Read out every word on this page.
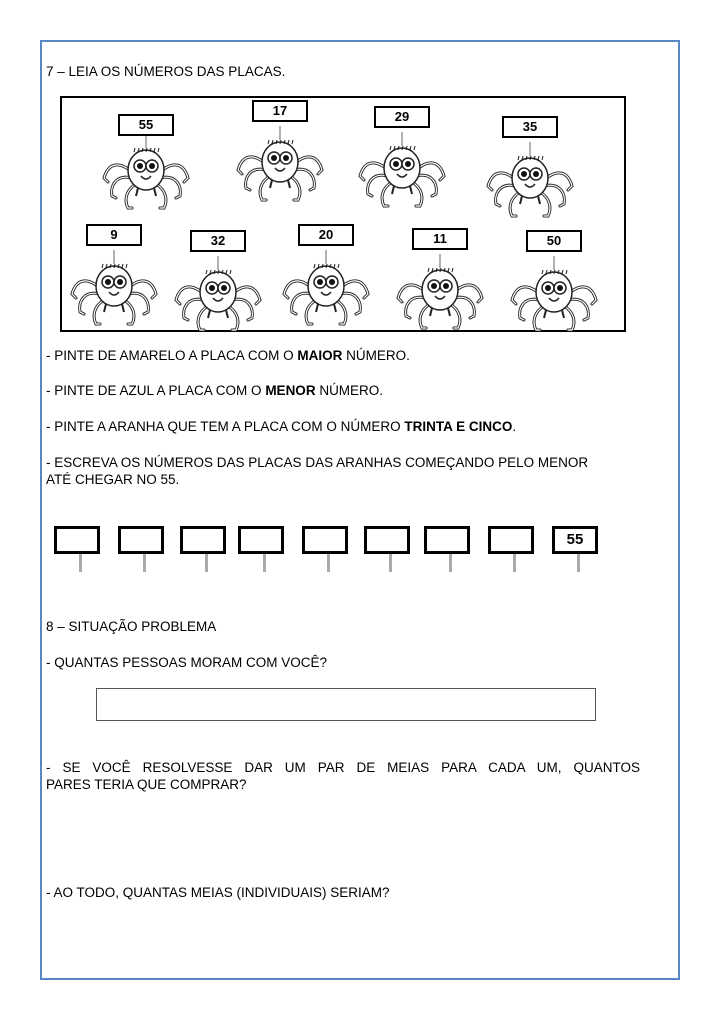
7 – LEIA OS NÚMEROS DAS PLACAS.
55
17	29
35
9	32	20	11	50
- PINTE DE AMARELO A PLACA COM O MAIOR NÚMERO.
- PINTE DE AZUL A PLACA COM O MENOR NÚMERO.
- PINTE A ARANHA QUE TEM A PLACA COM O NÚMERO TRINTA E CINCO.
- ESCREVA OS NÚMEROS DAS PLACAS DAS ARANHAS COMEÇANDO PELO MENOR
ATÉ CHEGAR NO 55.
55
8 – SITUAÇÃO PROBLEMA
- QUANTAS PESSOAS MORAM COM VOCÊ?
- SE VOCÊ RESOLVESSE DAR UM PAR DE MEIAS PARA CADA UM, QUANTOS
PARES TERIA QUE COMPRAR?
- AO TODO, QUANTAS MEIAS (INDIVIDUAIS) SERIAM?
